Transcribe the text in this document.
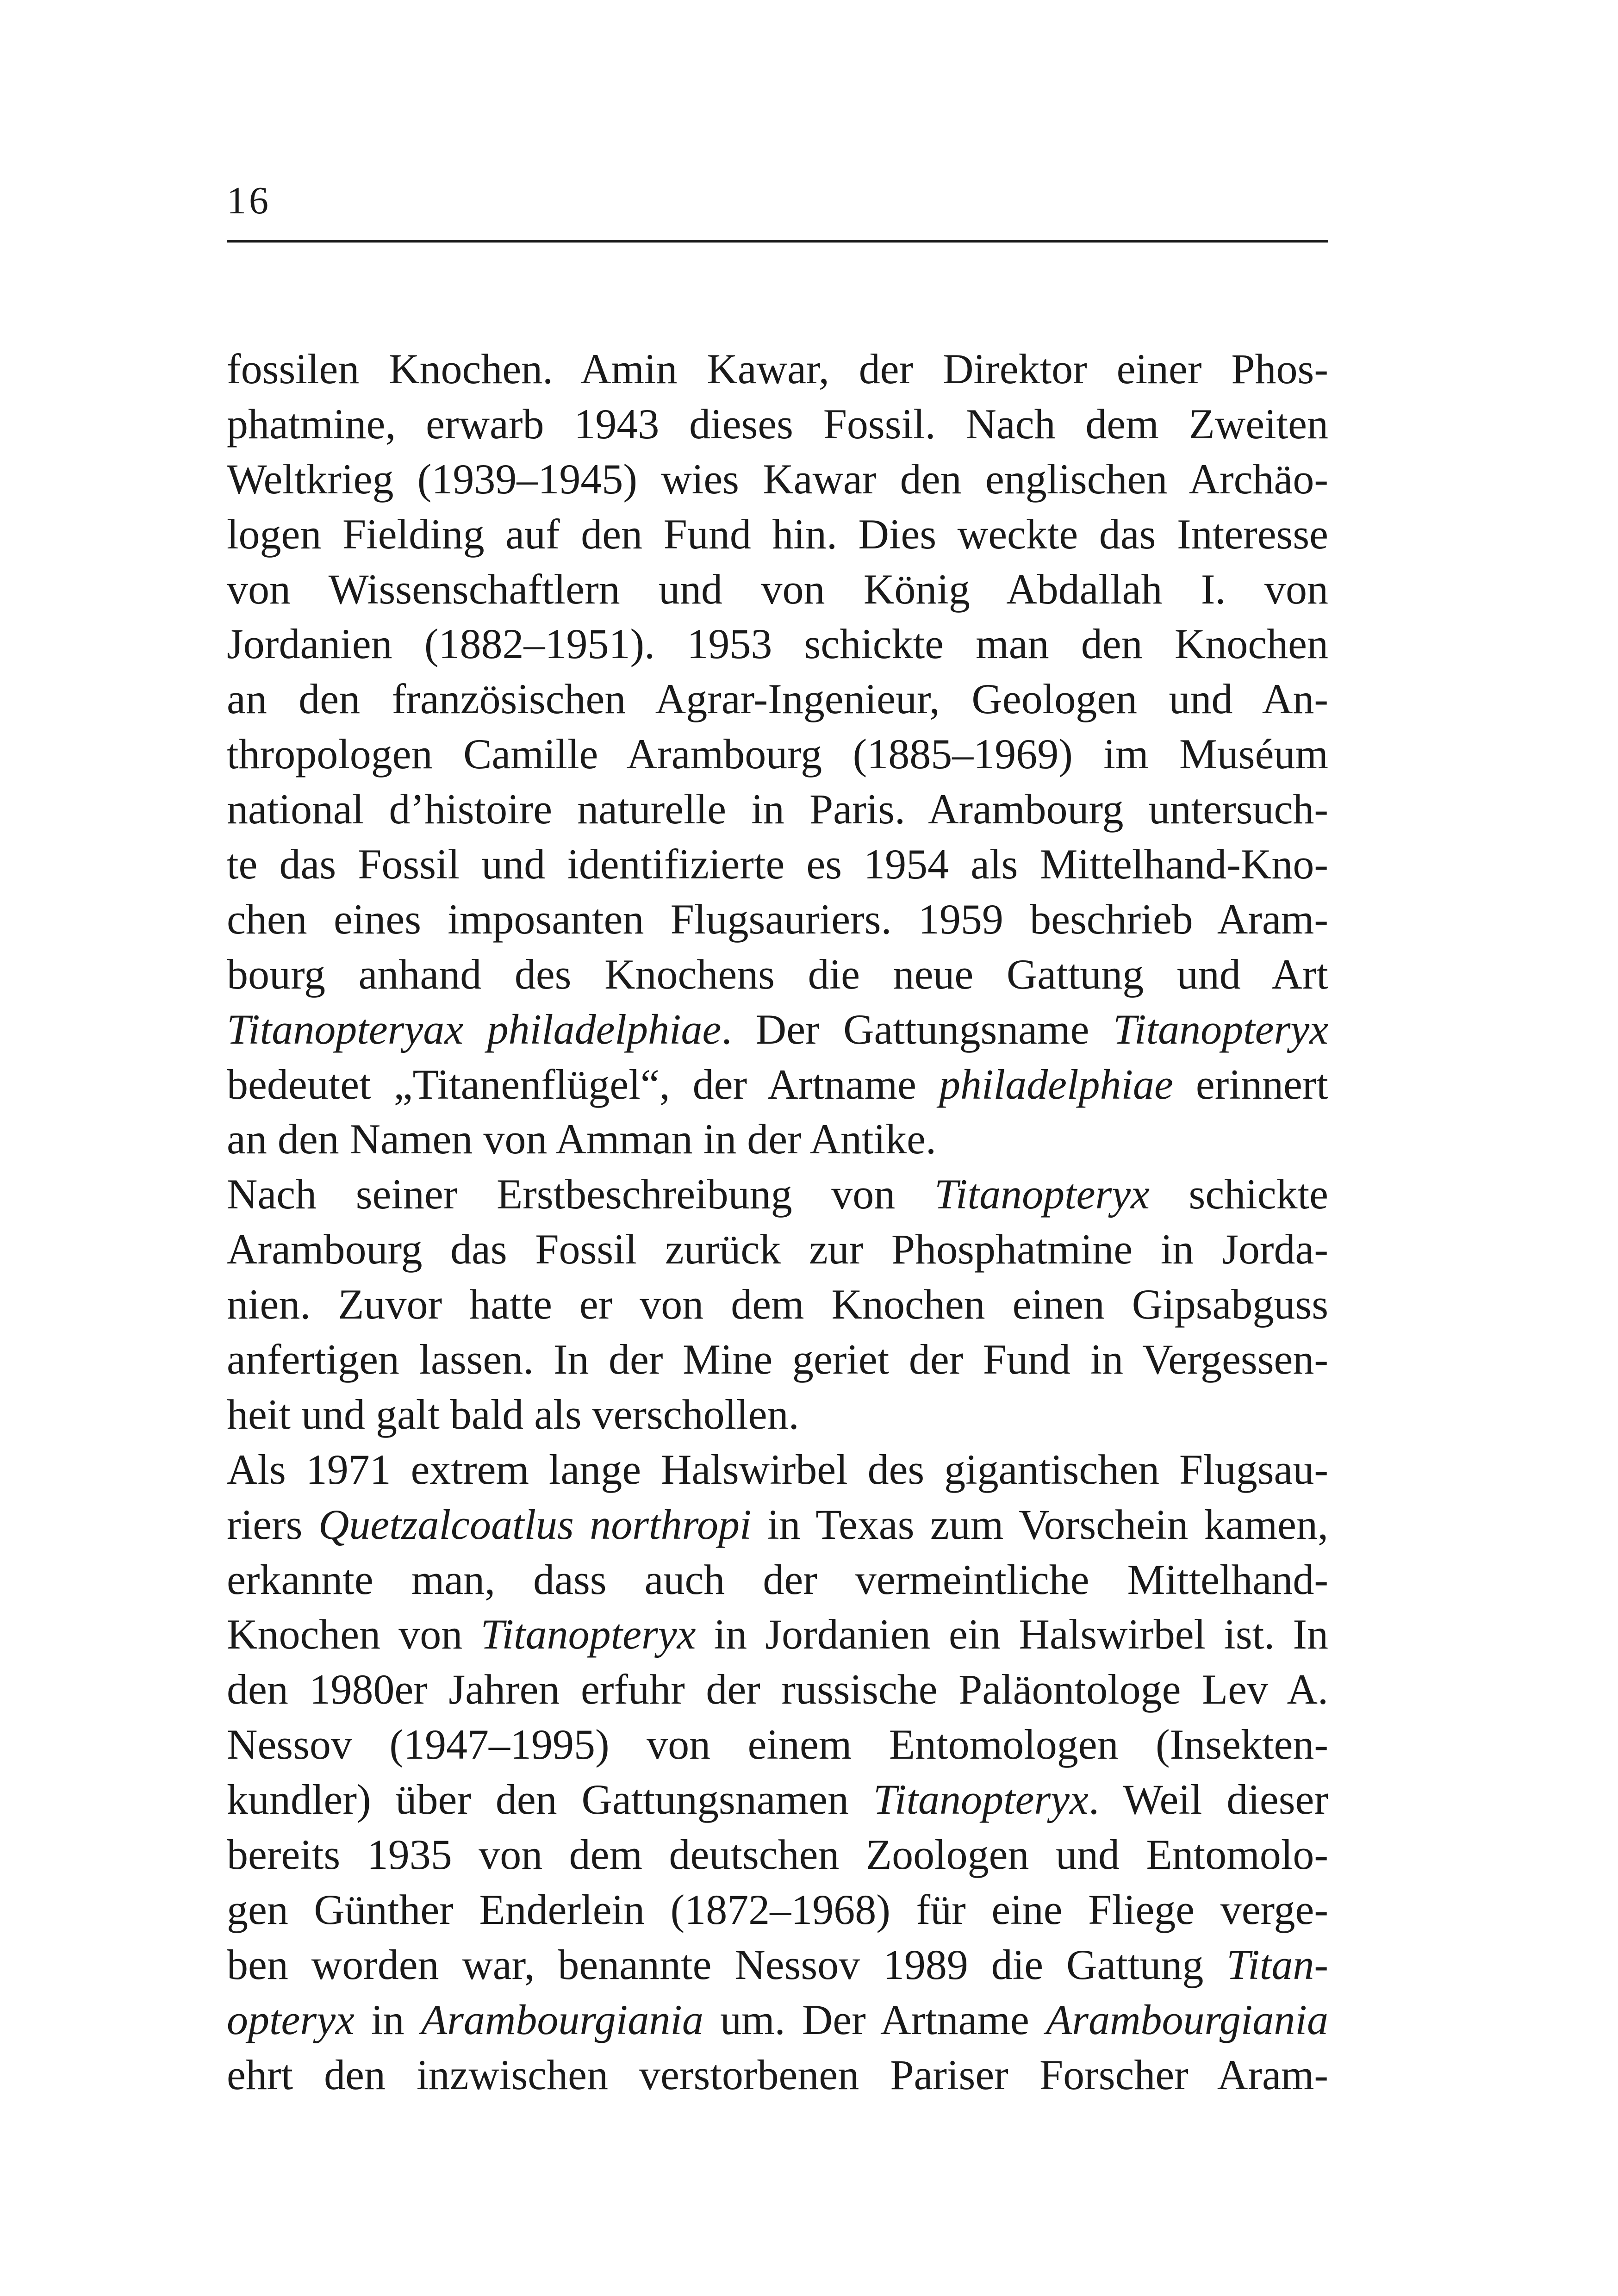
16
fossilen Knochen. Amin Kawar, der Direktor einer Phos-
phatmine, erwarb 1943 dieses Fossil. Nach dem Zweiten
Weltkrieg (1939–1945) wies Kawar den englischen Archäo-
logen Fielding auf den Fund hin. Dies weckte das Interesse
von Wissenschaftlern und von König Abdallah I. von
Jordanien (1882–1951). 1953 schickte man den Knochen
an den französischen Agrar-Ingenieur, Geologen und An-
thropologen Camille Arambourg (1885–1969) im Muséum
national d’histoire naturelle in Paris. Arambourg untersuch-
te das Fossil und identifizierte es 1954 als Mittelhand-Kno-
chen eines imposanten Flugsauriers. 1959 beschrieb Aram-
bourg anhand des Knochens die neue Gattung und Art
Titanopteryax philadelphiae. Der Gattungsname Titanopteryx
bedeutet „Titanenflügel“, der Artname philadelphiae erinnert
an den Namen von Amman in der Antike.
Nach seiner Erstbeschreibung von Titanopteryx schickte
Arambourg das Fossil zurück zur Phosphatmine in Jorda-
nien. Zuvor hatte er von dem Knochen einen Gipsabguss
anfertigen lassen. In der Mine geriet der Fund in Vergessen-
heit und galt bald als verschollen.
Als 1971 extrem lange Halswirbel des gigantischen Flugsau-
riers Quetzalcoatlus northropi in Texas zum Vorschein kamen,
erkannte man, dass auch der vermeintliche Mittelhand-
Knochen von Titanopteryx in Jordanien ein Halswirbel ist. In
den 1980er Jahren erfuhr der russische Paläontologe Lev A.
Nessov (1947–1995) von einem Entomologen (Insekten-
kundler) über den Gattungsnamen Titanopteryx. Weil dieser
bereits 1935 von dem deutschen Zoologen und Entomolo-
gen Günther Enderlein (1872–1968) für eine Fliege verge-
ben worden war, benannte Nessov 1989 die Gattung Titan-
opteryx in Arambourgiania um. Der Artname Arambourgiania
ehrt den inzwischen verstorbenen Pariser Forscher Aram-
